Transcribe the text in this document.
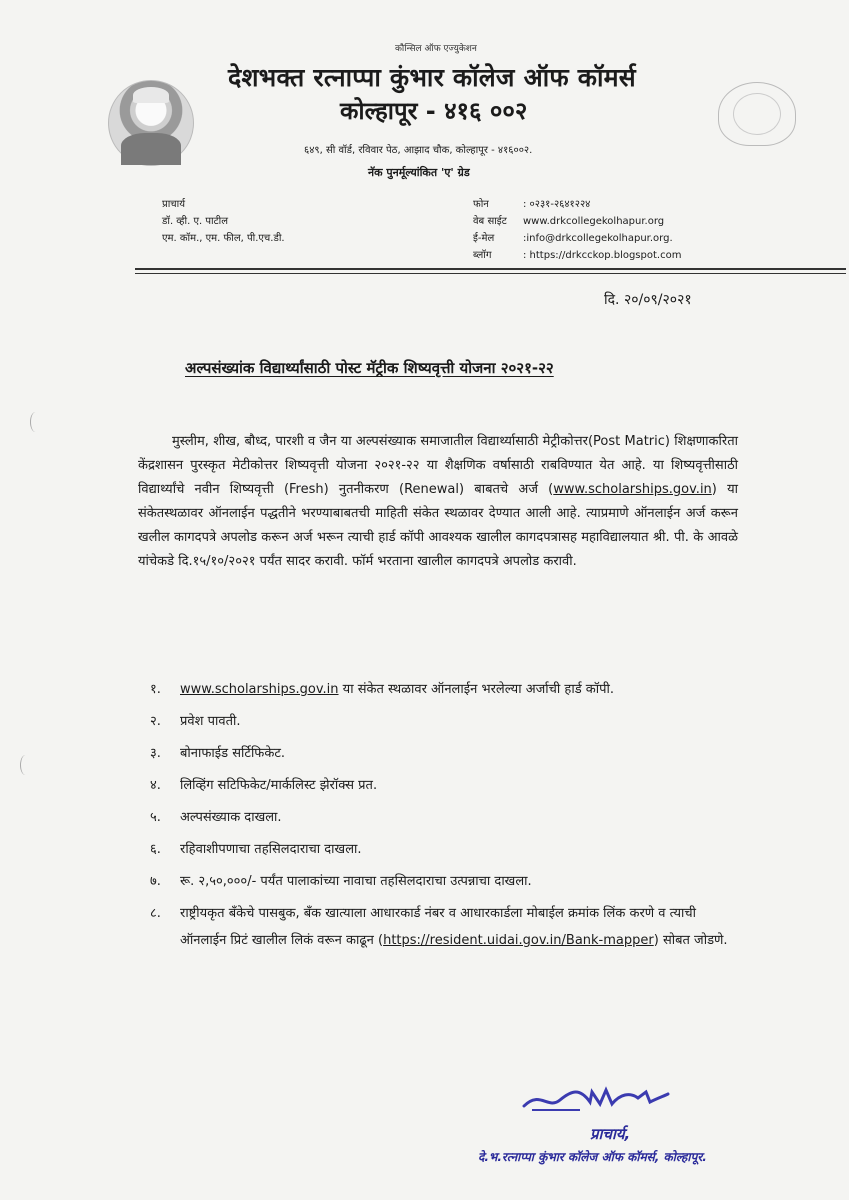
कौन्सिल ऑफ एज्युकेशन
देशभक्त रत्नाप्पा कुंभार कॉलेज ऑफ कॉमर्स
कोल्हापूर - ४१६ ००२
६४९, सी वॉर्ड, रविवार पेठ, आझाद चौक, कोल्हापूर - ४१६००२.
नॅक पुनर्मूल्यांकित 'ए' ग्रेड
प्राचार्य
डॉ. व्ही. ए. पाटील
एम. कॉम., एम. फील, पी.एच.डी.
फोन	: ०२३१-२६४१२२४
वेब साईट www.drkcollegekolhapur.org
ई-मेल	:info@drkcollegekolhapur.org.
ब्लॉग	: https://drkcckop.blogspot.com
दि. २०/०९/२०२१
अल्पसंख्यांक विद्यार्थ्यांसाठी पोस्ट मॅट्रीक शिष्यवृत्ती योजना २०२१-२२
मुस्लीम, शीख, बौध्द, पारशी व जैन या अल्पसंख्याक समाजातील विद्यार्थ्यासाठी मेट्रीकोत्तर(Post Matric) शिक्षणाकरिता केंद्रशासन पुरस्कृत मेटीकोत्तर शिष्यवृत्ती योजना २०२१-२२ या शैक्षणिक वर्षासाठी राबविण्यात येत आहे. या शिष्यवृत्तीसाठी विद्यार्थ्यांचे नवीन शिष्यवृत्ती (Fresh) नुतनीकरण (Renewal) बाबतचे अर्ज (www.scholarships.gov.in) या संकेतस्थळावर ऑनलाईन पद्धतीने भरण्याबाबतची माहिती संकेत स्थळावर देण्यात आली आहे. त्याप्रमाणे ऑनलाईन अर्ज करून खलील कागदपत्रे अपलोड करून अर्ज भरून त्याची हार्ड कॉपी आवश्यक खालील कागदपत्रासह महाविद्यालयात श्री. पी. के आवळे यांचेकडे दि.१५/१०/२०२१ पर्यंत सादर करावी. फॉर्म भरताना खालील कागदपत्रे अपलोड करावी.
१.	www.scholarships.gov.in या संकेत स्थळावर ऑनलाईन भरलेल्या अर्जाची हार्ड कॉपी.
२.	प्रवेश पावती.
३.	बोनाफाईड सर्टिफिकेट.
४.	लिव्हिंग सटिफिकेट/मार्कलिस्ट झेरॉक्स प्रत.
५.	अल्पसंख्याक दाखला.
६.	रहिवाशीपणाचा तहसिलदाराचा दाखला.
७.	रू. २,५०,०००/- पर्यंत पालाकांच्या नावाचा तहसिलदाराचा उत्पन्नाचा दाखला.
८.	राष्ट्रीयकृत बॅंकेचे पासबुक, बॅंक खात्याला आधारकार्ड नंबर व आधारकार्डला मोबाईल क्रमांक लिंक करणे व त्याची ऑनलाईन प्रिटं खालील लिकं वरून काढून (https://resident.uidai.gov.in/Bank-mapper) सोबत जोडणे.
प्राचार्य,
दे.भ.रत्नाप्पा कुंभार कॉलेज ऑफ कॉमर्स, कोल्हापूर.
